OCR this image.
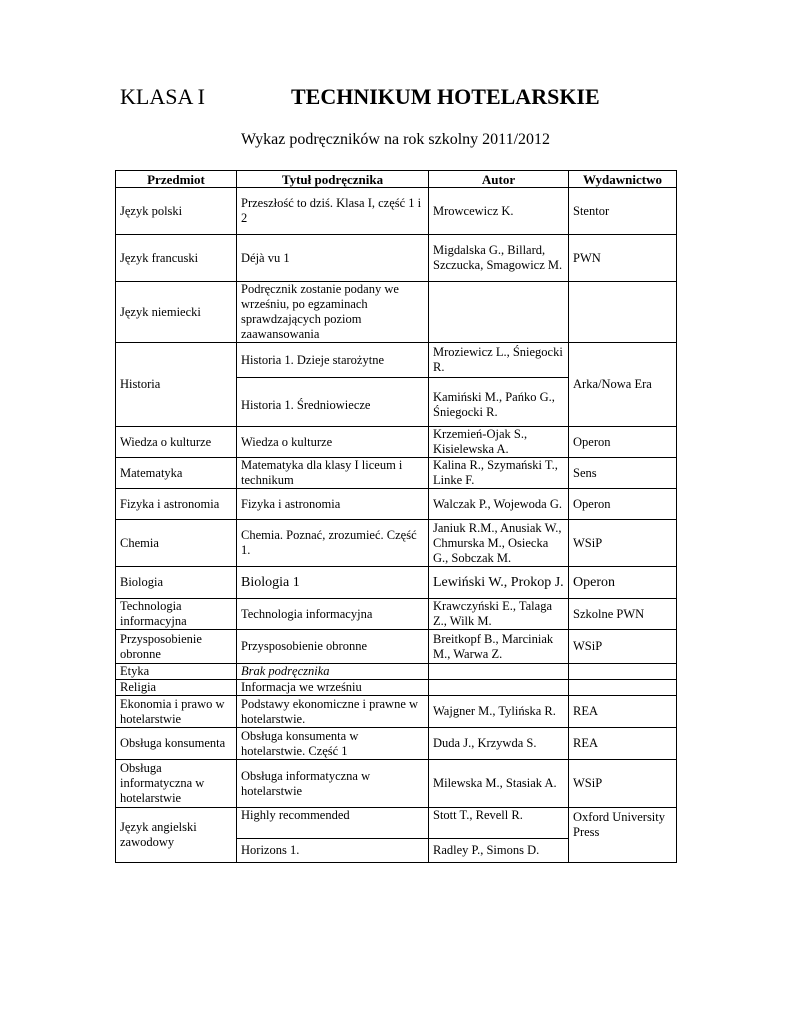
KLASA I	TECHNIKUM HOTELARSKIE
Wykaz podręczników na rok szkolny 2011/2012
Przedmiot	Tytuł podręcznika	Autor	Wydawnictwo
Język polski	Przeszłość to dziś. Klasa I, część 1 i 2	Mrowcewicz K.	Stentor
Język francuski	Déjà vu 1	Migdalska G., Billard, Szczucka, Smagowicz M.	PWN
Język niemiecki	Podręcznik zostanie podany we wrześniu, po egzaminach sprawdzających poziom zaawansowania		
Historia	Historia 1. Dzieje starożytne	Mroziewicz L., Śniegocki R.	Arka/Nowa Era
	Historia 1. Średniowiecze	Kamiński M., Pańko G., Śniegocki R.	
Wiedza o kulturze	Wiedza o kulturze	Krzemień-Ojak S., Kisielewska A.	Operon
Matematyka	Matematyka dla klasy I liceum i technikum	Kalina R., Szymański T., Linke F.	Sens
Fizyka i astronomia	Fizyka i astronomia	Walczak P., Wojewoda G.	Operon
Chemia	Chemia. Poznać, zrozumieć. Część 1.	Janiuk R.M., Anusiak W., Chmurska M., Osiecka G., Sobczak M.	WSiP
Biologia	Biologia 1	Lewiński W., Prokop J.	Operon
Technologia informacyjna	Technologia informacyjna	Krawczyński E., Talaga Z., Wilk M.	Szkolne PWN
Przysposobienie obronne	Przysposobienie obronne	Breitkopf B., Marciniak M., Warwa Z.	WSiP
Etyka	Brak podręcznika		
Religia	Informacja we wrześniu		
Ekonomia i prawo w hotelarstwie	Podstawy ekonomiczne i prawne w hotelarstwie.	Wajgner M., Tylińska R.	REA
Obsługa konsumenta	Obsługa konsumenta w hotelarstwie. Część 1	Duda J., Krzywda S.	REA
Obsługa informatyczna w hotelarstwie	Obsługa informatyczna w hotelarstwie	Milewska M., Stasiak A.	WSiP
Język angielski zawodowy	Highly recommended	Stott T., Revell R.	Oxford University Press
	Horizons 1.	Radley P., Simons D.	
